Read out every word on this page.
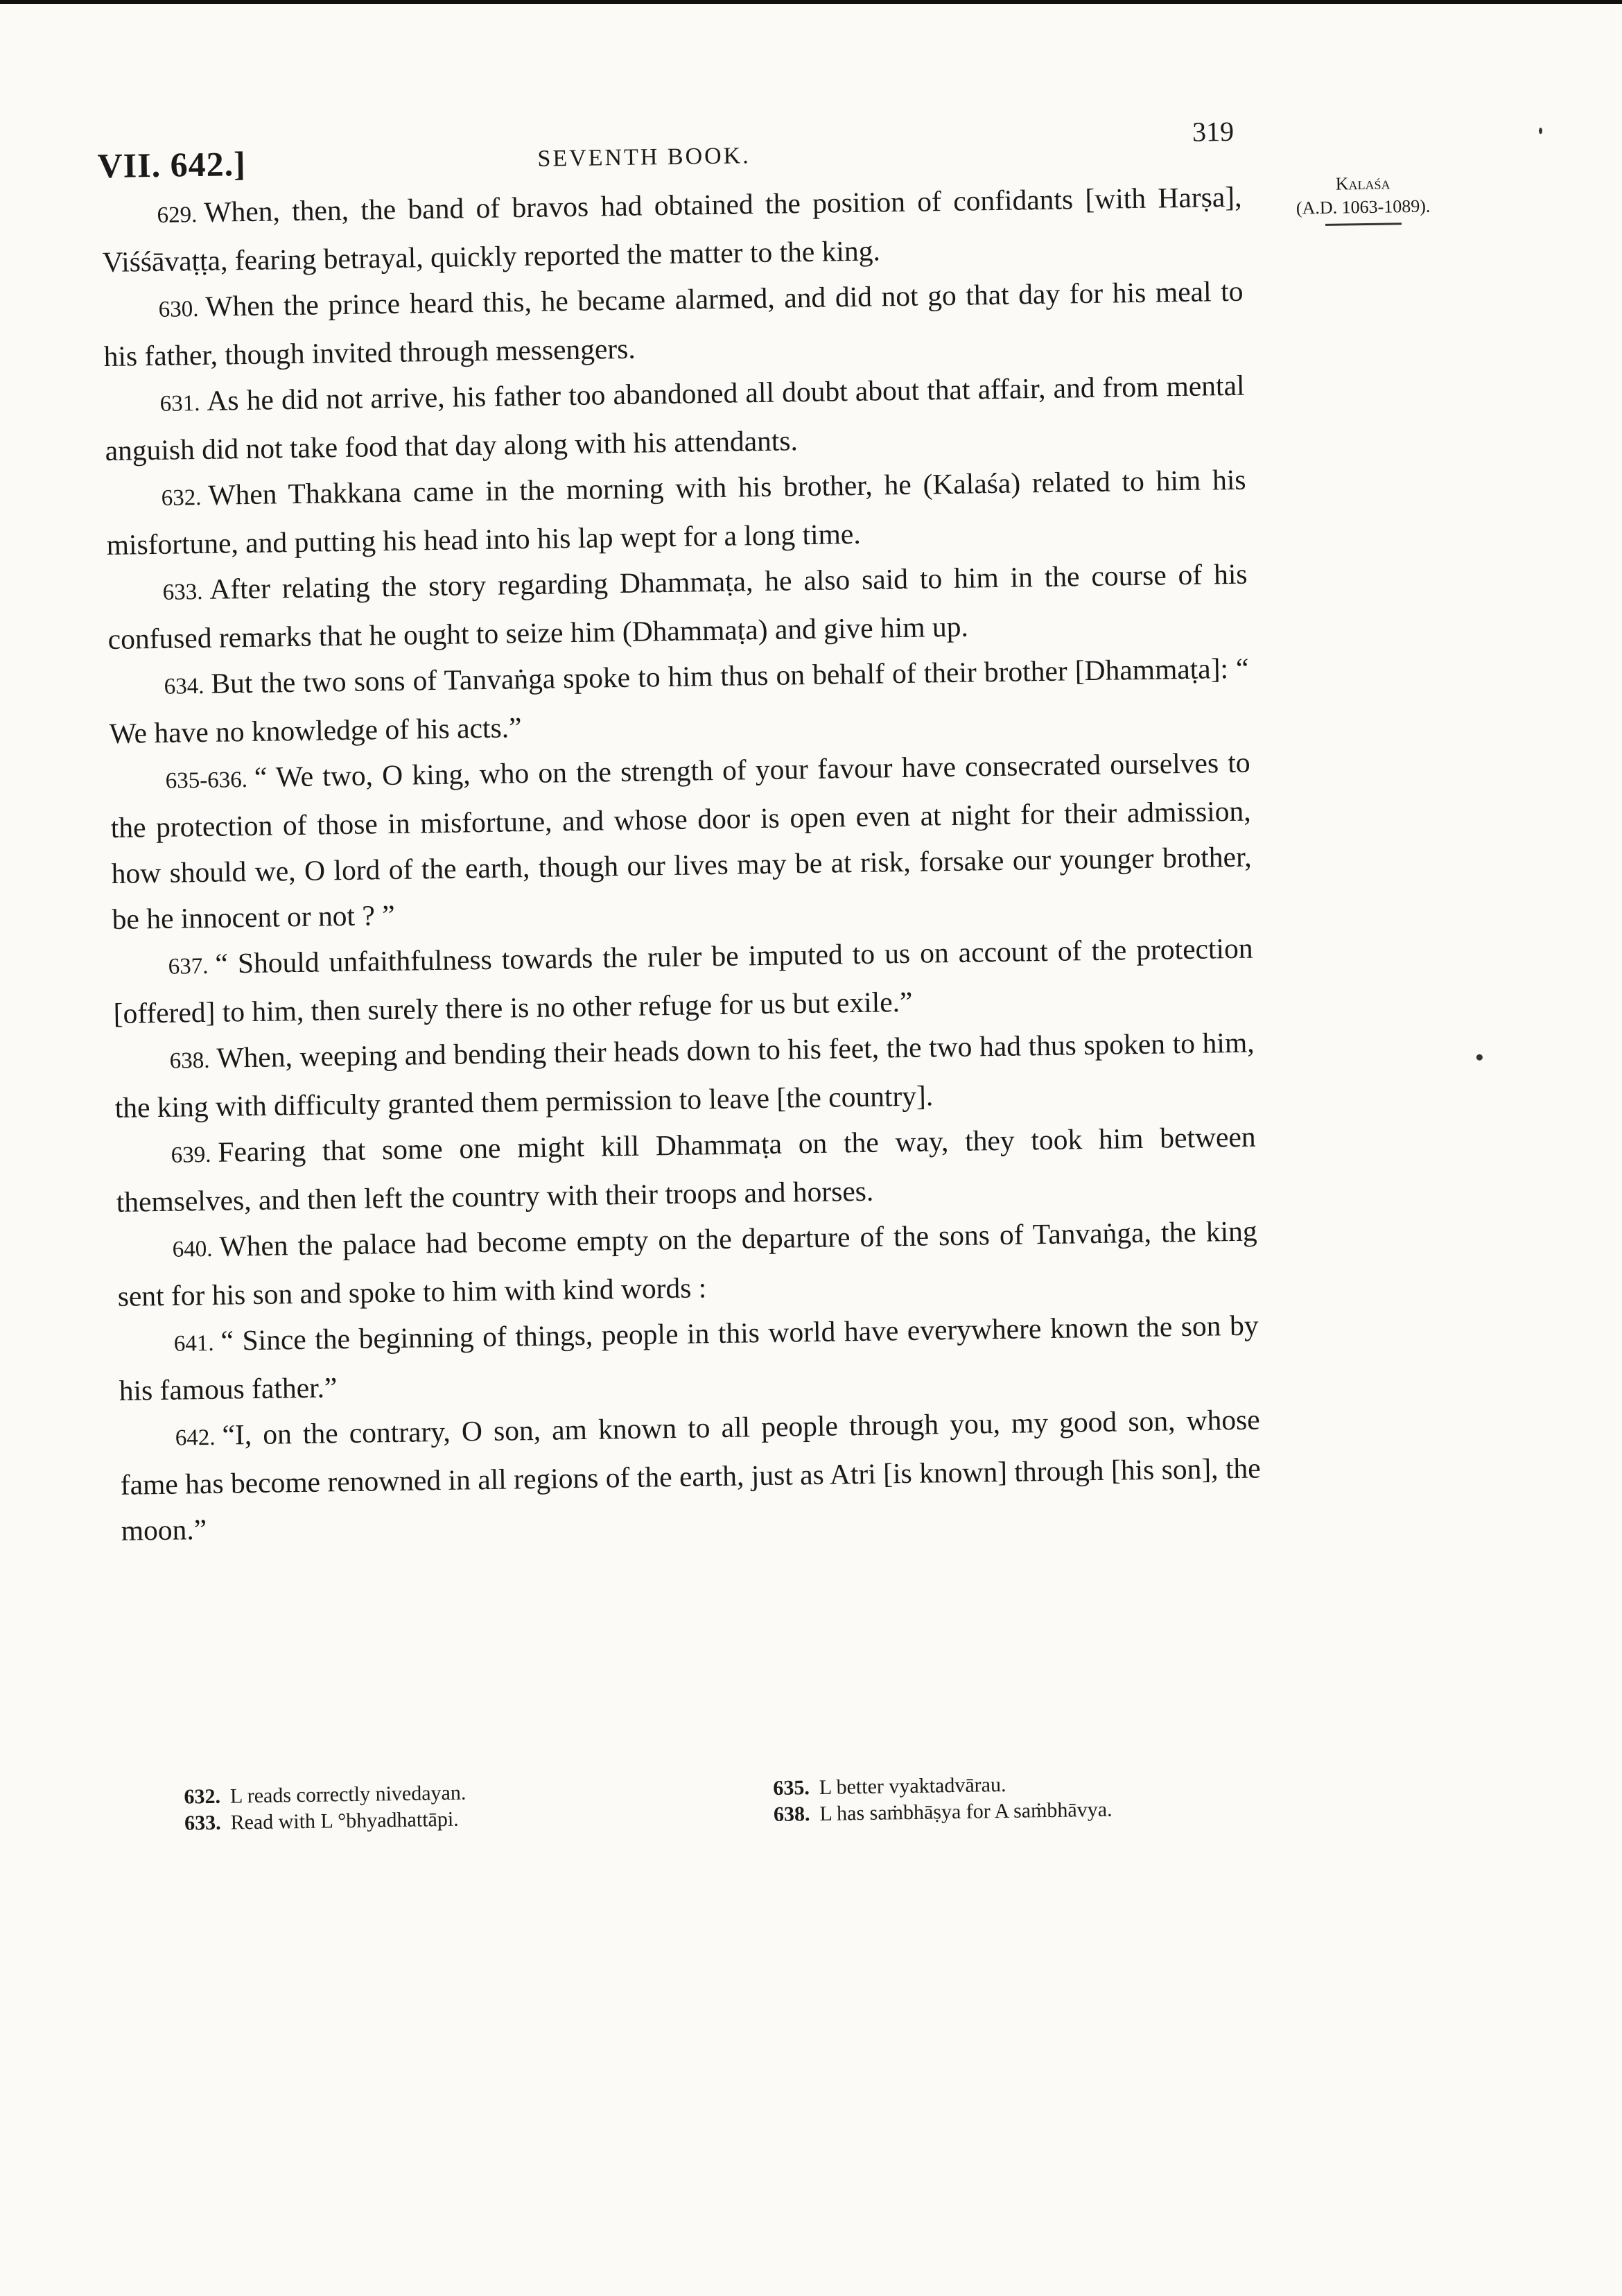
VII. 642.]	SEVENTH BOOK.
319
Kalaśa
(A.D. 1063-1089).

629. When, then, the band of bravos had obtained the position of confidants [with Harṣa], Viśśāvaṭṭa, fearing betrayal, quickly reported the matter to the king.

630. When the prince heard this, he became alarmed, and did not go that day for his meal to his father, though invited through messengers.

631. As he did not arrive, his father too abandoned all doubt about that affair, and from mental anguish did not take food that day along with his attendants.

632. When Thakkana came in the morning with his brother, he (Kalaśa) related to him his misfortune, and putting his head into his lap wept for a long time.

633. After relating the story regarding Dhammaṭa, he also said to him in the course of his confused remarks that he ought to seize him (Dhammaṭa) and give him up.

634. But the two sons of Tanvaṅga spoke to him thus on behalf of their brother [Dhammaṭa]: “ We have no knowledge of his acts.”

635-636. “ We two, O king, who on the strength of your favour have consecrated ourselves to the protection of those in misfortune, and whose door is open even at night for their admission, how should we, O lord of the earth, though our lives may be at risk, forsake our younger brother, be he innocent or not ? ”

637. “ Should unfaithfulness towards the ruler be imputed to us on account of the protection [offered] to him, then surely there is no other refuge for us but exile.”

638. When, weeping and bending their heads down to his feet, the two had thus spoken to him, the king with difficulty granted them permission to leave [the country].

639. Fearing that some one might kill Dhammaṭa on the way, they took him between themselves, and then left the country with their troops and horses.

640. When the palace had become empty on the departure of the sons of Tanvaṅga, the king sent for his son and spoke to him with kind words :

641. “ Since the beginning of things, people in this world have everywhere known the son by his famous father.”

642. “I, on the contrary, O son, am known to all people through you, my good son, whose fame has become renowned in all regions of the earth, just as Atri [is known] through [his son], the moon.”

632. L reads correctly nivedayan.
633. Read with L °bhyadhattāpi.
635. L better vyaktadvārau.
638. L has saṁbhāṣya for A saṁbhāvya.
